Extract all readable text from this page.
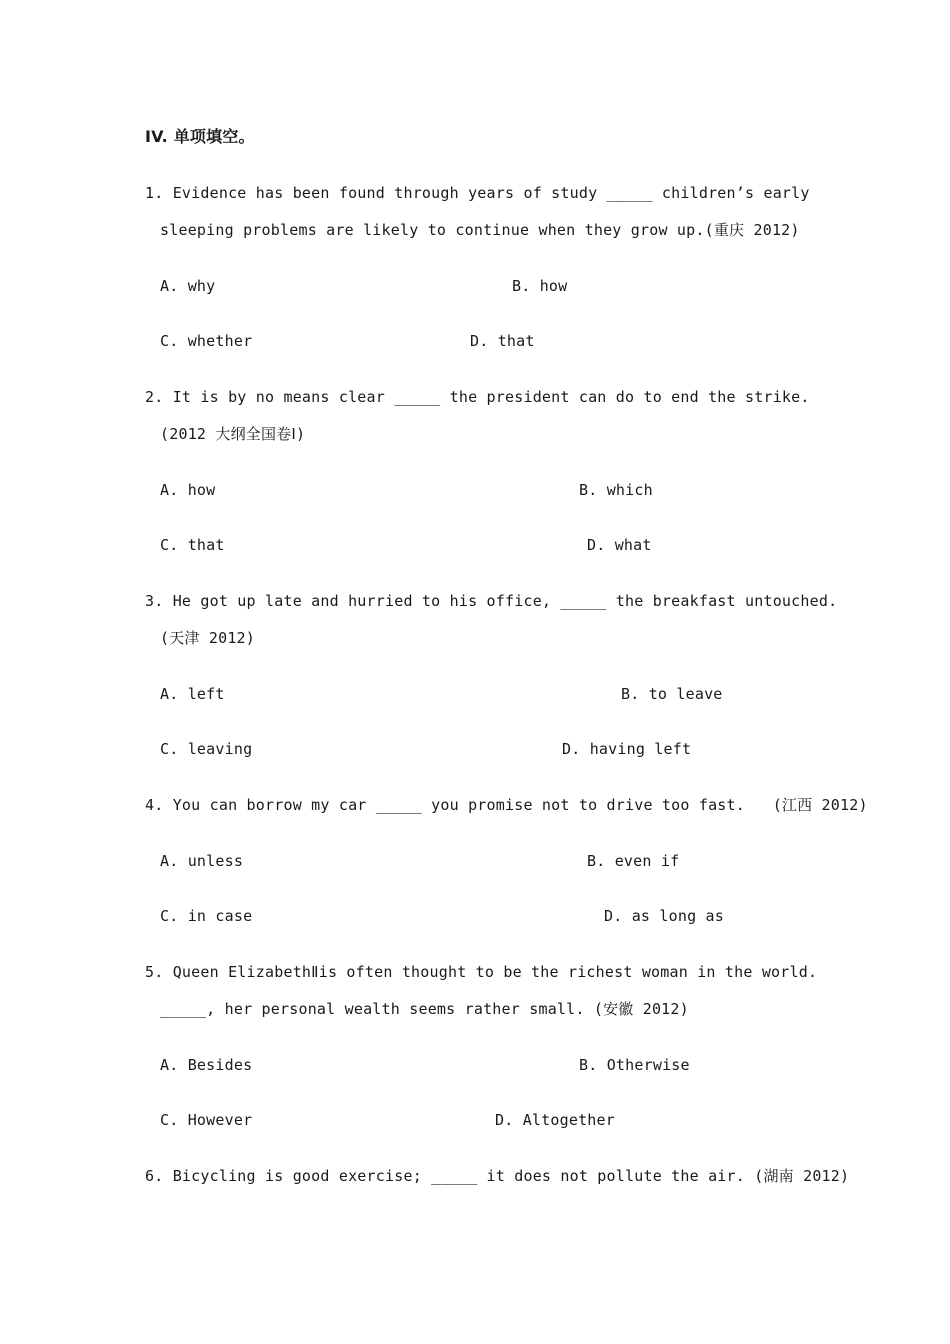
IV. 单项填空。
1. Evidence has been found through years of study _____ children’s early
sleeping problems are likely to continue when they grow up.(重庆 2012)
A. why	B. how
C. whether	D. that
2. It is by no means clear _____ the president can do to end the strike.
(2012 大纲全国卷Ⅰ)
A. how	B. which
C. that	D. what
3. He got up late and hurried to his office, _____ the breakfast untouched.
(天津 2012)
A. left	B. to leave
C. leaving	D. having left
4. You can borrow my car _____ you promise not to drive too fast.   (江西 2012)
A. unless	B. even if
C. in case	D. as long as
5. Queen ElizabethⅡis often thought to be the richest woman in the world.
_____, her personal wealth seems rather small. (安徽 2012)
A. Besides	B. Otherwise
C. However	D. Altogether
6. Bicycling is good exercise; _____ it does not pollute the air. (湖南 2012)
